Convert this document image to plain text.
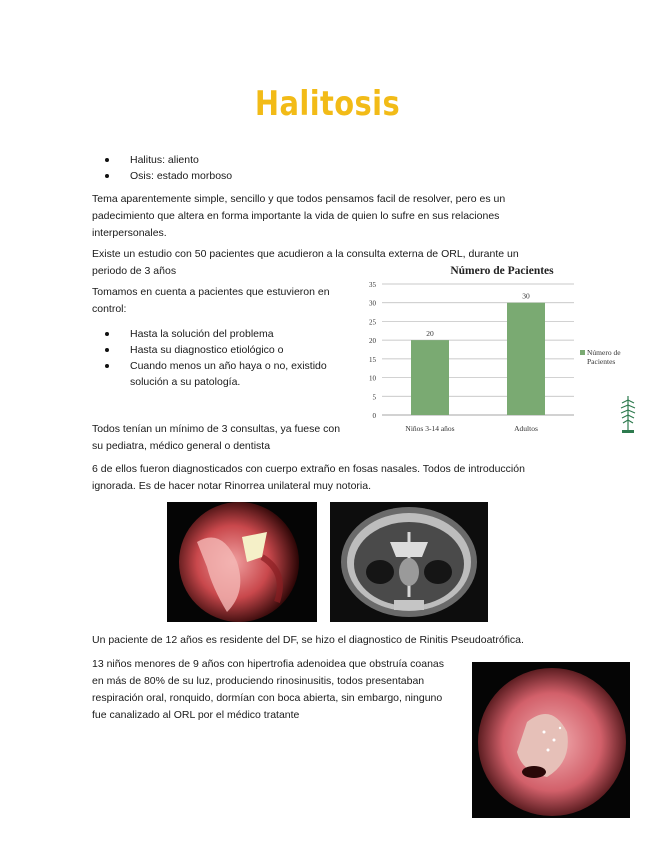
Halitosis
Halitus: aliento
Osis: estado morboso

Tema aparentemente simple, sencillo y que todos pensamos facil de resolver, pero es un padecimiento que altera en forma importante la vida de quien lo sufre en sus relaciones interpersonales.

Existe un estudio con 50 pacientes que acudieron a la consulta externa de ORL, durante un periodo de 3 años

Tomamos en cuenta a pacientes que estuvieron en control:

Hasta la solución del problema
Hasta su diagnostico etiológico o
Cuando menos un año haya o no, existido solución a su patología.

Todos tenían un mínimo de 3 consultas, ya fuese con su pediatra, médico general o dentista

Número de Pacientes
0
5
10
15
20
25
30
35
20
30
Niños 3-14 años	Adultos
Número de Pacientes

6 de ellos fueron diagnosticados con cuerpo extraño en fosas nasales. Todos de introducción ignorada. Es de hacer notar Rinorrea unilateral muy notoria.

Un paciente de 12 años es residente del DF, se hizo el diagnostico de Rinitis Pseudoatrófica.

13 niños menores de 9 años con hipertrofia adenoidea que obstruía coanas en más de 80% de su luz, produciendo rinosinusitis, todos presentaban respiración oral, ronquido, dormían con boca abierta, sin embargo, ninguno fue canalizado al ORL por el médico tratante
